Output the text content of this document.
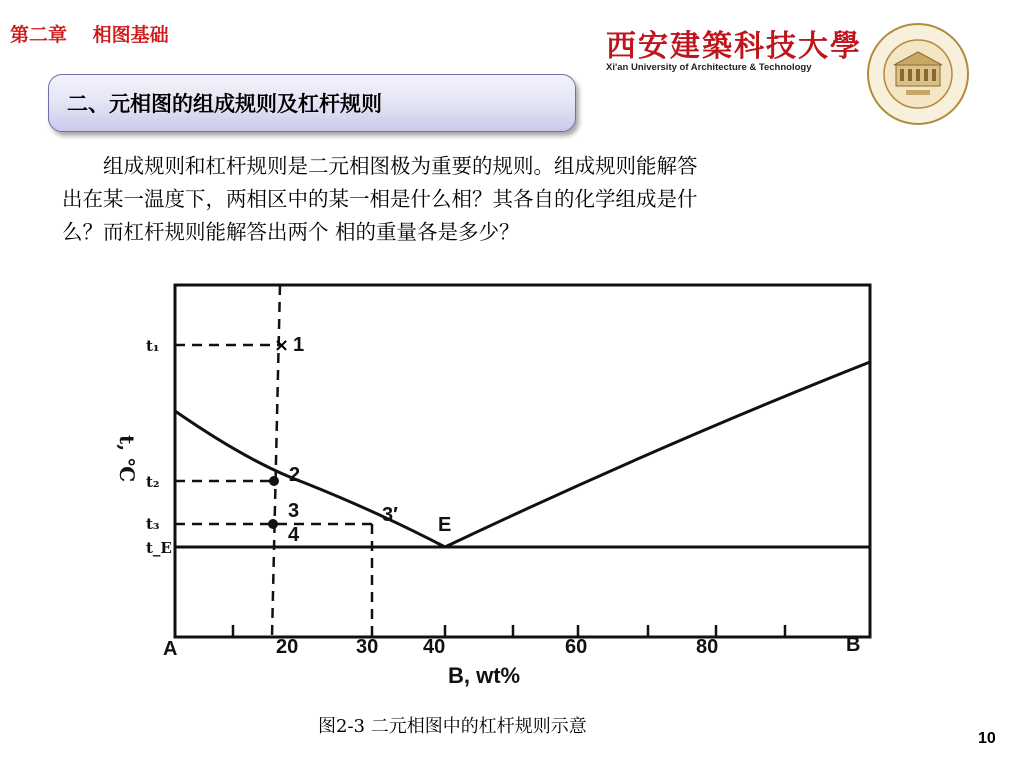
第二章　 相图基础	西安建築科技大學
Xi'an University of Architecture & Technology
二、元相图的组成规则及杠杆规则
　　组成规则和杠杆规则是二元相图极为重要的规则。组成规则能解答
出在某一温度下，两相区中的某一相是什么相？其各自的化学组成是什
么？而杠杆规则能解答出两个 相的重量各是多少？
× 1
2
3
4
3′ E
t₁
t₂
t₃
t_E
t, ℃
A	20	30 40	60	80	B
B, wt%
图2-3 二元相图中的杠杆规则示意
10
